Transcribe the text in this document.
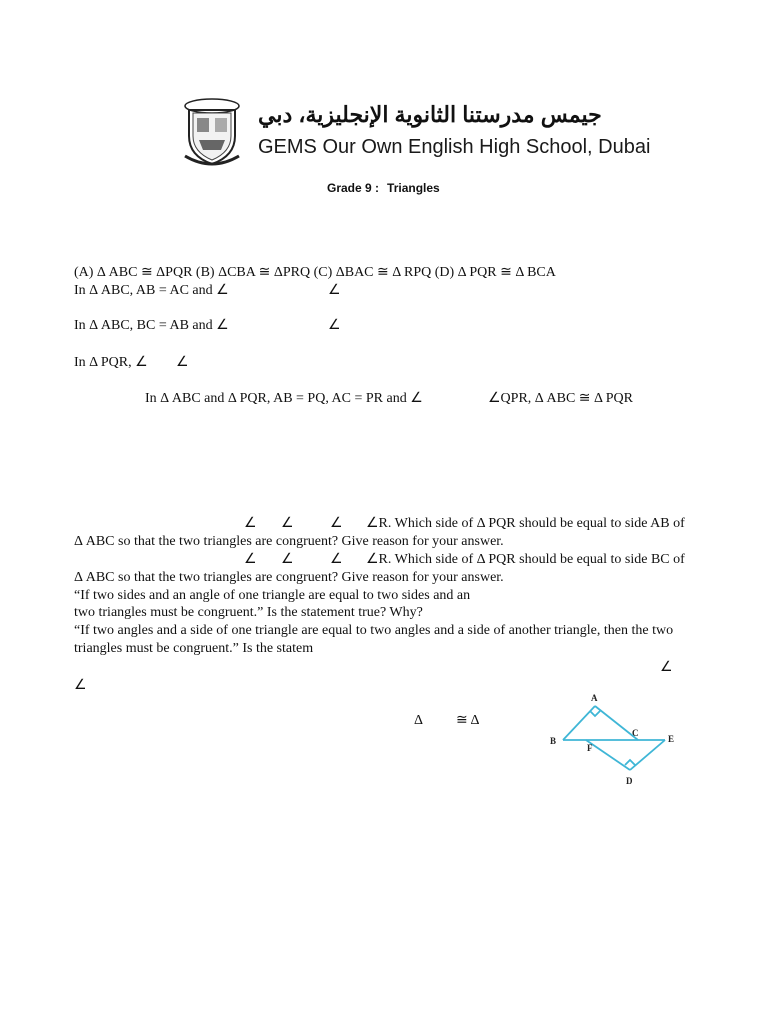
جيمس مدرستنا الثانوية الإنجليزية، دبي
GEMS Our Own English High School, Dubai
Grade 9 : Triangles
(A) Δ ABC ≅ ΔPQR (B) ΔCBA ≅ ΔPRQ (C) ΔBAC ≅ Δ RPQ (D) Δ PQR ≅ Δ BCA
In Δ ABC, AB = AC and ∠	∠
In Δ ABC, BC = AB and ∠	∠
In Δ PQR, ∠ ∠
In Δ ABC and Δ PQR, AB = PQ, AC = PR and ∠	∠QPR, Δ ABC ≅ Δ PQR
∠ ∠	∠ ∠R. Which side of Δ PQR should be equal to side AB of
Δ ABC so that the two triangles are congruent? Give reason for your answer.
∠ ∠	∠ ∠R. Which side of Δ PQR should be equal to side BC of
Δ ABC so that the two triangles are congruent? Give reason for your answer.
“If two sides and an angle of one triangle are equal to two sides and an
two triangles must be congruent.” Is the statement true? Why?
“If two angles and a side of one triangle are equal to two angles and a side of another triangle, then the two
triangles must be congruent.” Is the statem
∠
∠
Δ ≅ Δ
A
B
C
E
F
D
